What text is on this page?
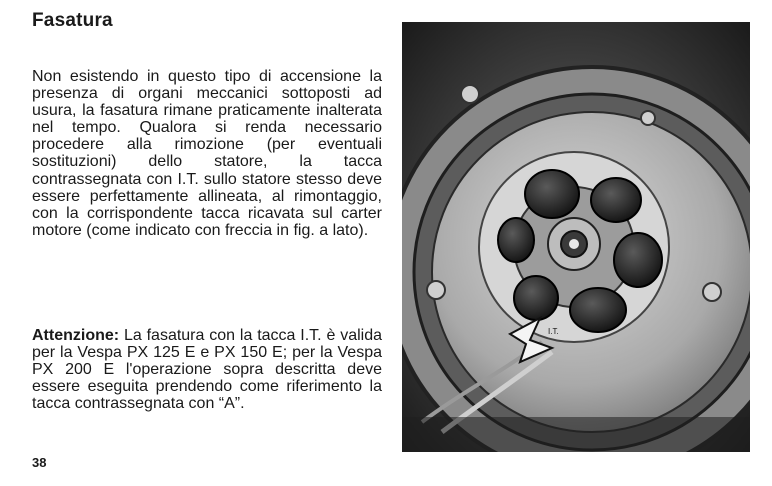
Fasatura

Non esistendo in questo tipo di accensione la presenza di organi meccanici sottoposti ad usura, la fasatura rimane praticamente inalterata nel tempo. Qualora si renda necessario procedere alla rimozione (per eventuali sostituzioni) dello statore, la tacca contrassegnata con I.T. sullo statore stesso deve essere perfettamente allineata, al rimontaggio, con la corrispondente tacca ricavata sul carter motore (come indicato con freccia in fig. a lato).

Attenzione: La fasatura con la tacca I.T. è valida per la Vespa PX 125 E e PX 150 E; per la Vespa PX 200 E l'operazione sopra descritta deve essere eseguita prendendo come riferimento la tacca contrassegnata con “A”.

38

I.T.
